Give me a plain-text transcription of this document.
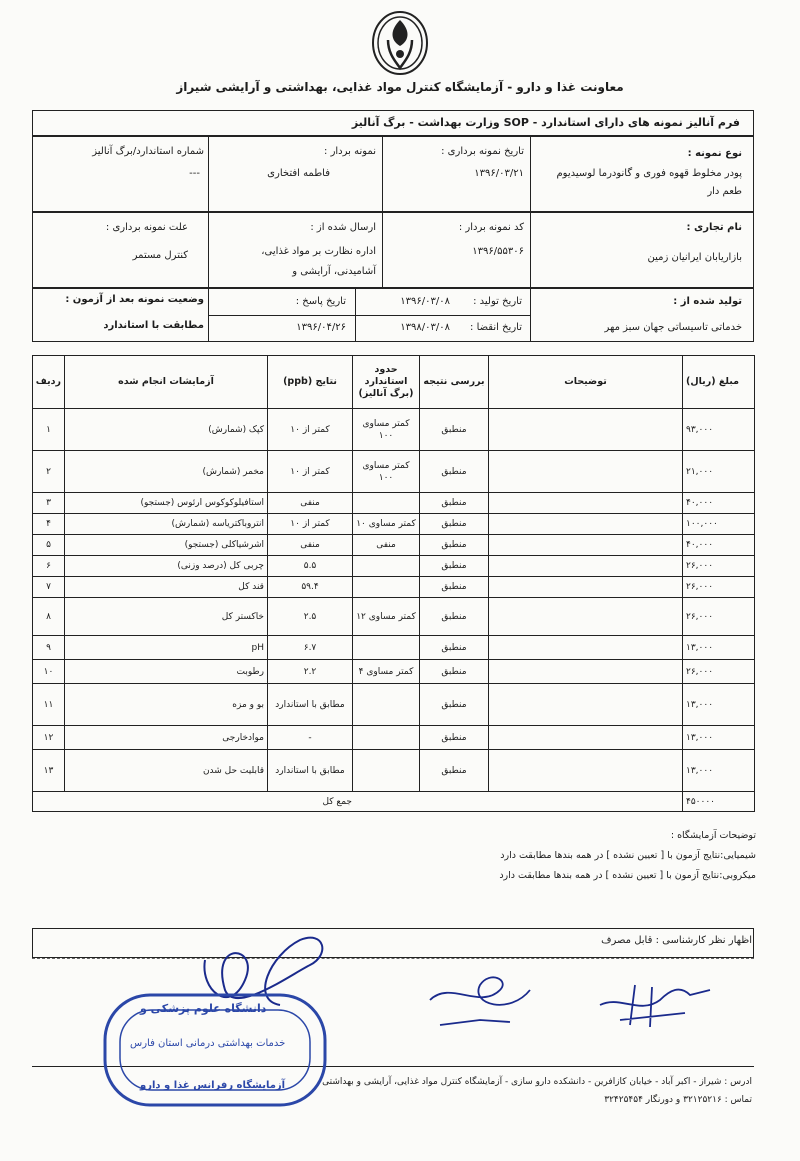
معاونت غذا و دارو - آزمایشگاه کنترل مواد غذایی، بهداشتی و آرایشی شیراز
فرم آنالیز نمونه های دارای استاندارد - SOP وزارت بهداشت - برگ آنالیز
نوع نمونه :
پودر مخلوط قهوه فوری و گانودرما لوسیدیوم
طعم دار
تاریخ نمونه برداری :
۱۳۹۶/۰۳/۲۱
نمونه بردار :
فاطمه افتخاری
شماره استاندارد/برگ آنالیز
---
نام تجاری :
بازاریابان ایرانیان زمین
کد نمونه بردار :
۱۳۹۶/۵۵۳۰۶
ارسال شده از :
اداره نظارت بر مواد غذایی،
آشامیدنی، آرایشی و
علت نمونه برداری :
کنترل مستمر
تولید شده از :
خدماتی تاسیساتی جهان سبز مهر
تاریخ تولید :
۱۳۹۶/۰۳/۰۸
تاریخ انقضا :
۱۳۹۸/۰۳/۰۸
تاریخ پاسخ :
۱۳۹۶/۰۴/۲۶
وضعیت نمونه بعد از آزمون :
مطابقت با استاندارد
مبلغ (ریال)	توضیحات	بررسی نتیجه	حدود استاندارد
(برگ آنالیز)	نتایج (ppb)	آزمایشات انجام شده	ردیف
۹۳,۰۰۰		منطبق	کمتر مساوی ۱۰۰	کمتر از ۱۰	کپک (شمارش)	۱
۲۱,۰۰۰		منطبق	کمتر مساوی ۱۰۰	کمتر از ۱۰	مخمر (شمارش)	۲
۴۰,۰۰۰		منطبق		منفی	استافیلوکوکوس ارئوس (جستجو)	۳
۱۰۰,۰۰۰		منطبق	کمتر مساوی ۱۰	کمتر از ۱۰	انتروباکتریاسه (شمارش)	۴
۴۰,۰۰۰		منطبق	منفی	منفی	اشرشیاکلی (جستجو)	۵
۲۶,۰۰۰		منطبق		۵.۵	چربی کل (درصد وزنی)	۶
۲۶,۰۰۰		منطبق		۵۹.۴	قند کل	۷
۲۶,۰۰۰		منطبق	کمتر مساوی ۱۲	۲.۵	خاکستر کل	۸
۱۳,۰۰۰		منطبق		۶.۷	pH	۹
۲۶,۰۰۰		منطبق	کمتر مساوی ۴	۲.۲	رطوبت	۱۰
۱۳,۰۰۰		منطبق		مطابق با استاندارد	بو و مزه	۱۱
۱۳,۰۰۰		منطبق		-	موادخارجی	۱۲
۱۳,۰۰۰		منطبق		مطابق با استاندارد	قابلیت حل شدن	۱۳
۴۵۰۰۰۰	جمع کل					
توضیحات آزمایشگاه :
شیمیایی:نتایج آزمون با [ تعیین نشده ] در همه بندها مطابقت دارد
میکروبی:نتایج آزمون با [ تعیین نشده ] در همه بندها مطابقت دارد
اظهار نظر کارشناسی : قابل مصرف
دانشگاه علوم پزشکی و
خدمات بهداشتی درمانی استان فارس
آزمایشگاه رفرانس غذا و دارو	ادرس : شیراز - اکبر آباد - خیابان کازافرین - دانشکده دارو سازی - آزمایشگاه کنترل مواد غذایی، آرایشی و بهداشتی
تماس : ۳۲۱۲۵۲۱۶ و دورنگار ۳۲۴۲۵۴۵۴
